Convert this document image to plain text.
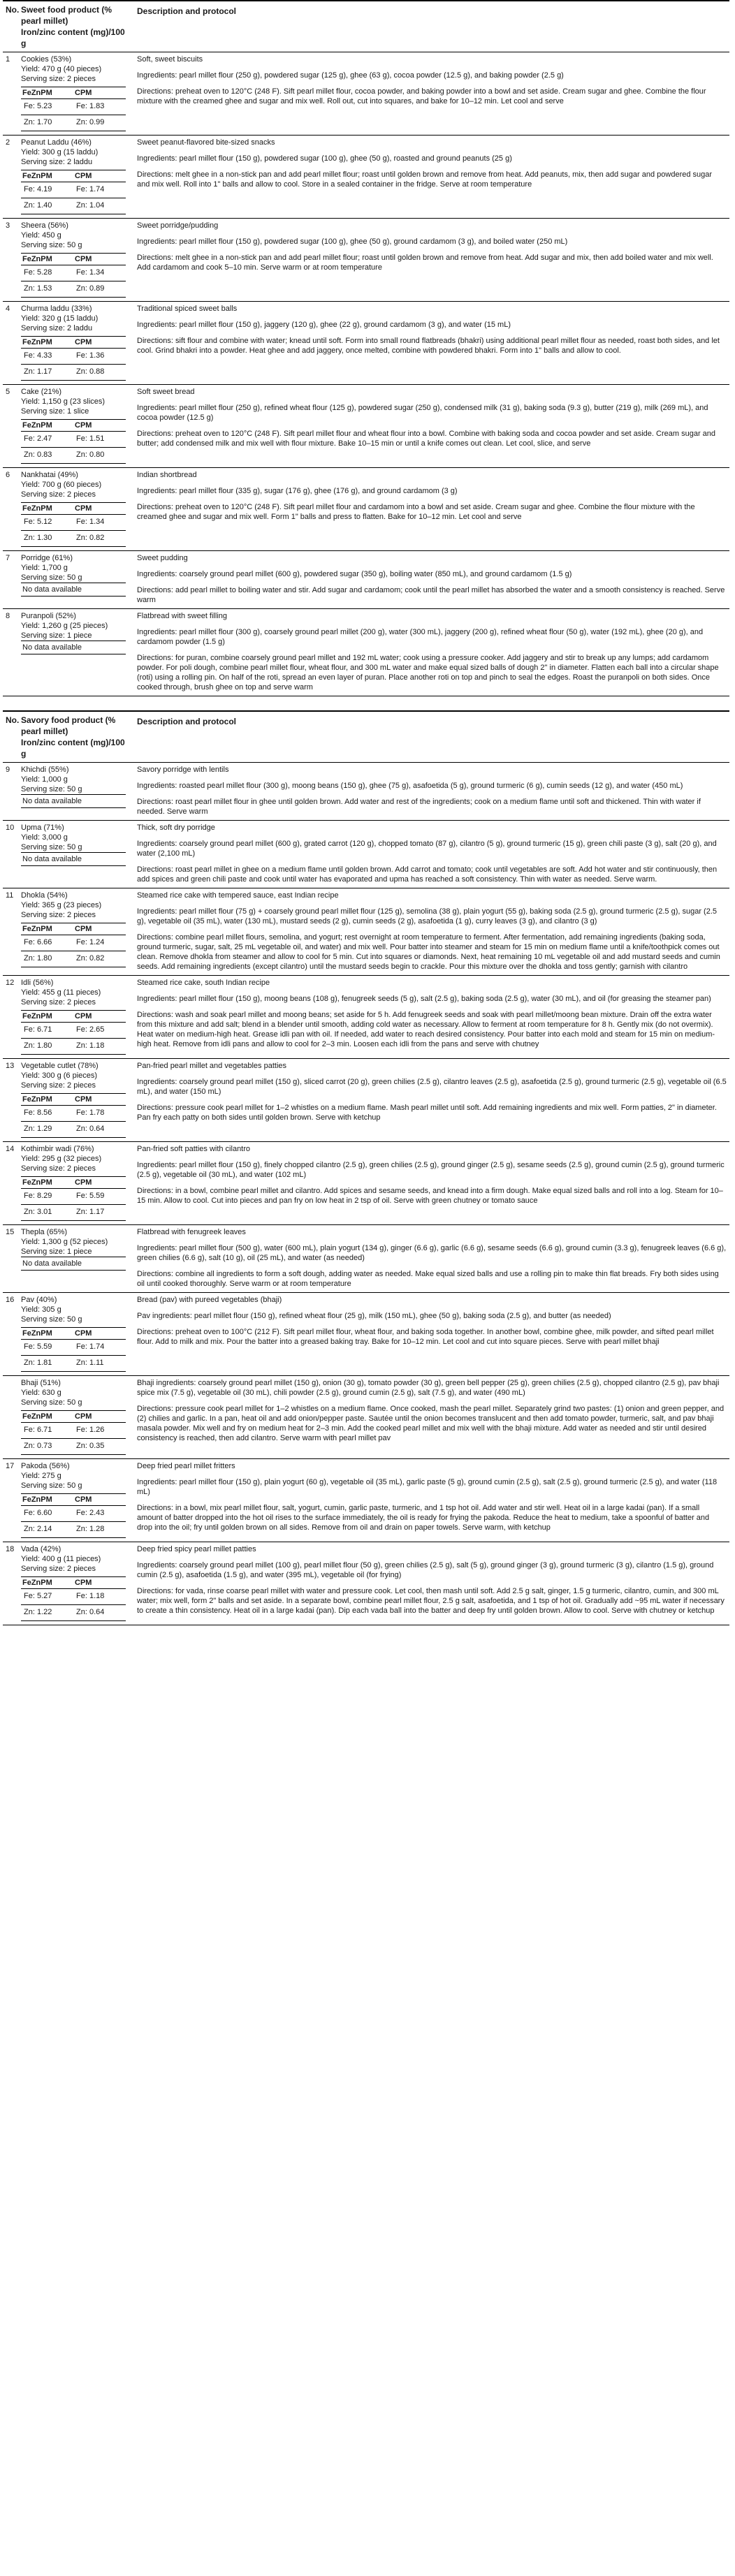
No.	Sweet food product (% pearl millet)
Iron/zinc content (mg)/100 g
	Description and protocol
1	Cookies (53%)
Yield: 470 g (40 pieces)
Serving size: 2 pieces
FeZnPM	CPM
Fe: 5.23	Fe: 1.83
Zn: 1.70	Zn: 0.99

Soft, sweet biscuits

Ingredients: pearl millet flour (250 g), powdered sugar (125 g), ghee (63 g), cocoa powder (12.5 g), and baking powder (2.5 g)

Directions: preheat oven to 120°C (248 F). Sift pearl millet flour, cocoa powder, and baking powder into a bowl and set aside. Cream sugar and ghee. Combine the flour mixture with the creamed ghee and sugar and mix well. Roll out, cut into squares, and bake for 10–12 min. Let cool and serve

2	Peanut Laddu (46%)
Yield: 300 g (15 laddu)
Serving size: 2 laddu
FeZnPM	CPM
Fe: 4.19	Fe: 1.74
Zn: 1.40	Zn: 1.04

Sweet peanut-flavored bite-sized snacks

Ingredients: pearl millet flour (150 g), powdered sugar (100 g), ghee (50 g), roasted and ground peanuts (25 g)

Directions: melt ghee in a non-stick pan and add pearl millet flour; roast until golden brown and remove from heat. Add peanuts, mix, then add sugar and powdered sugar and mix well. Roll into 1" balls and allow to cool. Store in a sealed container in the fridge. Serve at room temperature

3	Sheera (56%)
Yield: 450 g
Serving size: 50 g
FeZnPM	CPM
Fe: 5.28	Fe: 1.34
Zn: 1.53	Zn: 0.89

Sweet porridge/pudding

Ingredients: pearl millet flour (150 g), powdered sugar (100 g), ghee (50 g), ground cardamom (3 g), and boiled water (250 mL)

Directions: melt ghee in a non-stick pan and add pearl millet flour; roast until golden brown and remove from heat. Add sugar and mix, then add boiled water and mix well. Add cardamom and cook 5–10 min. Serve warm or at room temperature

4	Churma laddu (33%)
Yield: 320 g (15 laddu)
Serving size: 2 laddu
FeZnPM	CPM
Fe: 4.33	Fe: 1.36
Zn: 1.17	Zn: 0.88

Traditional spiced sweet balls

Ingredients: pearl millet flour (150 g), jaggery (120 g), ghee (22 g), ground cardamom (3 g), and water (15 mL)

Directions: sift flour and combine with water; knead until soft. Form into small round flatbreads (bhakri) using additional pearl millet flour as needed, roast both sides, and let cool. Grind bhakri into a powder. Heat ghee and add jaggery, once melted, combine with powdered bhakri. Form into 1" balls and allow to cool.

5	Cake (21%)
Yield: 1,150 g (23 slices)
Serving size: 1 slice
FeZnPM	CPM
Fe: 2.47	Fe: 1.51
Zn: 0.83	Zn: 0.80

Soft sweet bread

Ingredients: pearl millet flour (250 g), refined wheat flour (125 g), powdered sugar (250 g), condensed milk (31 g), baking soda (9.3 g), butter (219 g), milk (269 mL), and cocoa powder (12.5 g)

Directions: preheat oven to 120°C (248 F). Sift pearl millet flour and wheat flour into a bowl. Combine with baking soda and cocoa powder and set aside. Cream sugar and butter; add condensed milk and mix well with flour mixture. Bake 10–15 min or until a knife comes out clean. Let cool, slice, and serve

6	Nankhatai (49%)
Yield: 700 g (60 pieces)
Serving size: 2 pieces
FeZnPM	CPM
Fe: 5.12	Fe: 1.34
Zn: 1.30	Zn: 0.82

Indian shortbread

Ingredients: pearl millet flour (335 g), sugar (176 g), ghee (176 g), and ground cardamom (3 g)

Directions: preheat oven to 120°C (248 F). Sift pearl millet flour and cardamom into a bowl and set aside. Cream sugar and ghee. Combine the flour mixture with the creamed ghee and sugar and mix well. Form 1" balls and press to flatten. Bake for 10–12 min. Let cool and serve

7	Porridge (61%)
Yield: 1,700 g
Serving size: 50 g
No data available

Sweet pudding

Ingredients: coarsely ground pearl millet (600 g), powdered sugar (350 g), boiling water (850 mL), and ground cardamom (1.5 g)

Directions: add pearl millet to boiling water and stir. Add sugar and cardamom; cook until the pearl millet has absorbed the water and a smooth consistency is reached. Serve warm

8	Puranpoli (52%)
Yield: 1,260 g (25 pieces)
Serving size: 1 piece
No data available

Flatbread with sweet filling

Ingredients: pearl millet flour (300 g), coarsely ground pearl millet (200 g), water (300 mL), jaggery (200 g), refined wheat flour (50 g), water (192 mL), ghee (20 g), and cardamom powder (1.5 g)

Directions: for puran, combine coarsely ground pearl millet and 192 mL water; cook using a pressure cooker. Add jaggery and stir to break up any lumps; add cardamom powder. For poli dough, combine pearl millet flour, wheat flour, and 300 mL water and make equal sized balls of dough 2" in diameter. Flatten each ball into a circular shape (roti) using a rolling pin. On half of the roti, spread an even layer of puran. Place another roti on top and pinch to seal the edges. Roast the puranpoli on both sides. Once cooked through, brush ghee on top and serve warm

No.	Savory food product (% pearl millet)
Iron/zinc content (mg)/100 g
	Description and protocol
9	Khichdi (55%)
Yield: 1,000 g
Serving size: 50 g
No data available

Savory porridge with lentils

Ingredients: roasted pearl millet flour (300 g), moong beans (150 g), ghee (75 g), asafoetida (5 g), ground turmeric (6 g), cumin seeds (12 g), and water (450 mL)

Directions: roast pearl millet flour in ghee until golden brown. Add water and rest of the ingredients; cook on a medium flame until soft and thickened. Thin with water if needed. Serve warm

10	Upma (71%)
Yield: 3,000 g
Serving size: 50 g
No data available

Thick, soft dry porridge

Ingredients: coarsely ground pearl millet (600 g), grated carrot (120 g), chopped tomato (87 g), cilantro (5 g), ground turmeric (15 g), green chili paste (3 g), salt (20 g), and water (2,100 mL)

Directions: roast pearl millet in ghee on a medium flame until golden brown. Add carrot and tomato; cook until vegetables are soft. Add hot water and stir continuously, then add spices and green chili paste and cook until water has evaporated and upma has reached a soft consistency. Thin with water as needed. Serve warm.

11	Dhokla (54%)
Yield: 365 g (23 pieces)
Serving size: 2 pieces
FeZnPM	CPM
Fe: 6.66	Fe: 1.24
Zn: 1.80	Zn: 0.82

Steamed rice cake with tempered sauce, east Indian recipe

Ingredients: pearl millet flour (75 g) + coarsely ground pearl millet flour (125 g), semolina (38 g), plain yogurt (55 g), baking soda (2.5 g), ground turmeric (2.5 g), sugar (2.5 g), vegetable oil (35 mL), water (130 mL), mustard seeds (2 g), cumin seeds (2 g), asafoetida (1 g), curry leaves (3 g), and cilantro (3 g)

Directions: combine pearl millet flours, semolina, and yogurt; rest overnight at room temperature to ferment. After fermentation, add remaining ingredients (baking soda, ground turmeric, sugar, salt, 25 mL vegetable oil, and water) and mix well. Pour batter into steamer and steam for 15 min on medium flame until a knife/toothpick comes out clean. Remove dhokla from steamer and allow to cool for 5 min. Cut into squares or diamonds. Next, heat remaining 10 mL vegetable oil and add mustard seeds and cumin seeds. Add remaining ingredients (except cilantro) until the mustard seeds begin to crackle. Pour this mixture over the dhokla and toss gently; garnish with cilantro

12	Idli (56%)
Yield: 455 g (11 pieces)
Serving size: 2 pieces
FeZnPM	CPM
Fe: 6.71	Fe: 2.65
Zn: 1.80	Zn: 1.18

Steamed rice cake, south Indian recipe

Ingredients: pearl millet flour (150 g), moong beans (108 g), fenugreek seeds (5 g), salt (2.5 g), baking soda (2.5 g), water (30 mL), and oil (for greasing the steamer pan)

Directions: wash and soak pearl millet and moong beans; set aside for 5 h. Add fenugreek seeds and soak with pearl millet/moong bean mixture. Drain off the extra water from this mixture and add salt; blend in a blender until smooth, adding cold water as necessary. Allow to ferment at room temperature for 8 h. Gently mix (do not overmix). Heat water on medium-high heat. Grease idli pan with oil. If needed, add water to reach desired consistency. Pour batter into each mold and steam for 15 min on medium-high heat. Remove from idli pans and allow to cool for 2–3 min. Loosen each idli from the pans and serve with chutney

13	Vegetable cutlet (78%)
Yield: 300 g (6 pieces)
Serving size: 2 pieces
FeZnPM	CPM
Fe: 8.56	Fe: 1.78
Zn: 1.29	Zn: 0.64

Pan-fried pearl millet and vegetables patties

Ingredients: coarsely ground pearl millet (150 g), sliced carrot (20 g), green chilies (2.5 g), cilantro leaves (2.5 g), asafoetida (2.5 g), ground turmeric (2.5 g), vegetable oil (6.5 mL), and water (150 mL)

Directions: pressure cook pearl millet for 1–2 whistles on a medium flame. Mash pearl millet until soft. Add remaining ingredients and mix well. Form patties, 2" in diameter. Pan fry each patty on both sides until golden brown. Serve with ketchup

14	Kothimbir wadi (76%)
Yield: 295 g (32 pieces)
Serving size: 2 pieces
FeZnPM	CPM
Fe: 8.29	Fe: 5.59
Zn: 3.01	Zn: 1.17

Pan-fried soft patties with cilantro

Ingredients: pearl millet flour (150 g), finely chopped cilantro (2.5 g), green chilies (2.5 g), ground ginger (2.5 g), sesame seeds (2.5 g), ground cumin (2.5 g), ground turmeric (2.5 g), vegetable oil (30 mL), and water (102 mL)

Directions: in a bowl, combine pearl millet and cilantro. Add spices and sesame seeds, and knead into a firm dough. Make equal sized balls and roll into a log. Steam for 10–15 min. Allow to cool. Cut into pieces and pan fry on low heat in 2 tsp of oil. Serve with green chutney or tomato sauce

15	Thepla (65%)
Yield: 1,300 g (52 pieces)
Serving size: 1 piece
No data available

Flatbread with fenugreek leaves

Ingredients: pearl millet flour (500 g), water (600 mL), plain yogurt (134 g), ginger (6.6 g), garlic (6.6 g), sesame seeds (6.6 g), ground cumin (3.3 g), fenugreek leaves (6.6 g), green chilies (6.6 g), salt (10 g), oil (25 mL), and water (as needed)

Directions: combine all ingredients to form a soft dough, adding water as needed. Make equal sized balls and use a rolling pin to make thin flat breads. Fry both sides using oil until cooked thoroughly. Serve warm or at room temperature

16	Pav (40%)
Yield: 305 g
Serving size: 50 g
FeZnPM	CPM
Fe: 5.59	Fe: 1.74
Zn: 1.81	Zn: 1.11

Bread (pav) with pureed vegetables (bhaji)

Pav ingredients: pearl millet flour (150 g), refined wheat flour (25 g), milk (150 mL), ghee (50 g), baking soda (2.5 g), and butter (as needed)

Directions: preheat oven to 100°C (212 F). Sift pearl millet flour, wheat flour, and baking soda together. In another bowl, combine ghee, milk powder, and sifted pearl millet flour. Add to milk and mix. Pour the batter into a greased baking tray. Bake for 10–12 min. Let cool and cut into square pieces. Serve with pearl millet bhaji

Bhaji (51%)
Yield: 630 g
Serving size: 50 g
FeZnPM	CPM
Fe: 6.71	Fe: 1.26
Zn: 0.73	Zn: 0.35

Bhaji ingredients: coarsely ground pearl millet (150 g), onion (30 g), tomato powder (30 g), green bell pepper (25 g), green chilies (2.5 g), chopped cilantro (2.5 g), pav bhaji spice mix (7.5 g), vegetable oil (30 mL), chili powder (2.5 g), ground cumin (2.5 g), salt (7.5 g), and water (490 mL)

Directions: pressure cook pearl millet for 1–2 whistles on a medium flame. Once cooked, mash the pearl millet. Separately grind two pastes: (1) onion and green pepper, and (2) chilies and garlic. In a pan, heat oil and add onion/pepper paste. Sautée until the onion becomes translucent and then add tomato powder, turmeric, salt, and pav bhaji masala powder. Mix well and fry on medium heat for 2–3 min. Add the cooked pearl millet and mix well with the bhaji mixture. Add water as needed and stir until desired consistency is reached, then add cilantro. Serve warm with pearl millet pav

17	Pakoda (56%)
Yield: 275 g
Serving size: 50 g
FeZnPM	CPM
Fe: 6.60	Fe: 2.43
Zn: 2.14	Zn: 1.28

Deep fried pearl millet fritters

Ingredients: pearl millet flour (150 g), plain yogurt (60 g), vegetable oil (35 mL), garlic paste (5 g), ground cumin (2.5 g), salt (2.5 g), ground turmeric (2.5 g), and water (118 mL)

Directions: in a bowl, mix pearl millet flour, salt, yogurt, cumin, garlic paste, turmeric, and 1 tsp hot oil. Add water and stir well. Heat oil in a large kadai (pan). If a small amount of batter dropped into the hot oil rises to the surface immediately, the oil is ready for frying the pakoda. Reduce the heat to medium, take a spoonful of batter and drop into the oil; fry until golden brown on all sides. Remove from oil and drain on paper towels. Serve warm, with ketchup

18	Vada (42%)
Yield: 400 g (11 pieces)
Serving size: 2 pieces
FeZnPM	CPM
Fe: 5.27	Fe: 1.18
Zn: 1.22	Zn: 0.64

Deep fried spicy pearl millet patties

Ingredients: coarsely ground pearl millet (100 g), pearl millet flour (50 g), green chilies (2.5 g), salt (5 g), ground ginger (3 g), ground turmeric (3 g), cilantro (1.5 g), ground cumin (2.5 g), asafoetida (1.5 g), and water (395 mL), vegetable oil (for frying)

Directions: for vada, rinse coarse pearl millet with water and pressure cook. Let cool, then mash until soft. Add 2.5 g salt, ginger, 1.5 g turmeric, cilantro, cumin, and 300 mL water; mix well, form 2" balls and set aside. In a separate bowl, combine pearl millet flour, 2.5 g salt, asafoetida, and 1 tsp of hot oil. Gradually add ~95 mL water if necessary to create a thin consistency. Heat oil in a large kadai (pan). Dip each vada ball into the batter and deep fry until golden brown. Allow to cool. Serve with chutney or ketchup
